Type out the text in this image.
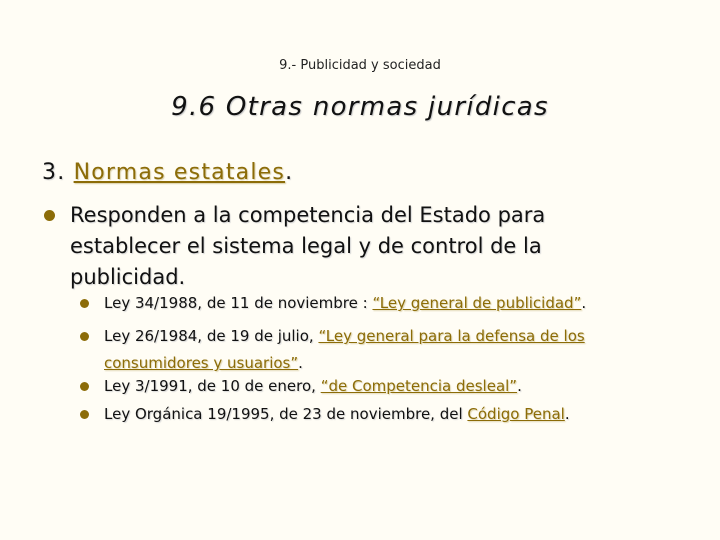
9.- Publicidad y sociedad
9.6 Otras normas jurídicas
3. Normas estatales.
Responden a la competencia del Estado para establecer el sistema legal y de control de la publicidad.
Ley 34/1988, de 11 de noviembre : “Ley general de publicidad”.
Ley 26/1984, de 19 de julio, “Ley general para la defensa de los consumidores y usuarios”.
Ley 3/1991, de 10 de enero, “de Competencia desleal”.
Ley Orgánica 19/1995, de 23 de noviembre, del Código Penal.
